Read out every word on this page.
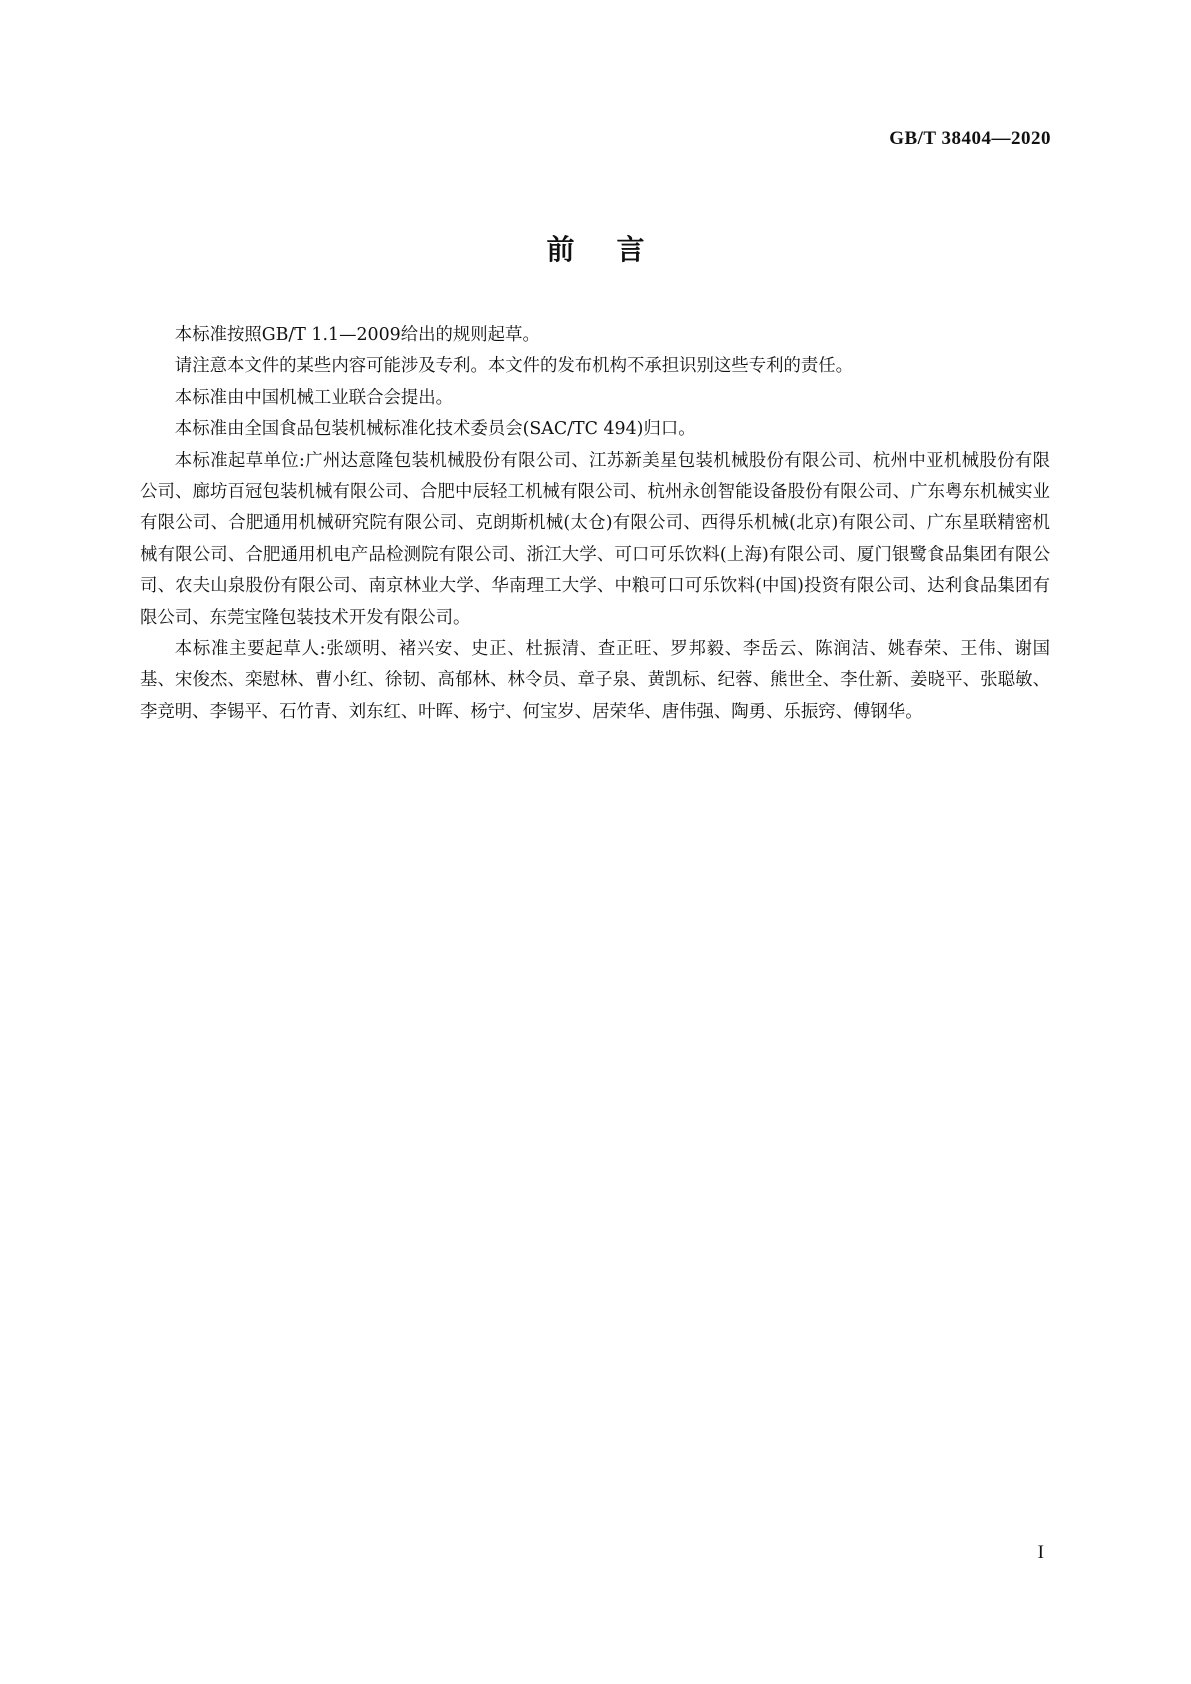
GB/T 38404—2020
前言

本标准按照GB/T 1.1—2009给出的规则起草。

请注意本文件的某些内容可能涉及专利。本文件的发布机构不承担识别这些专利的责任。

本标准由中国机械工业联合会提出。

本标准由全国食品包装机械标准化技术委员会(SAC/TC 494)归口。

本标准起草单位:广州达意隆包装机械股份有限公司、江苏新美星包装机械股份有限公司、杭州中亚机械股份有限公司、廊坊百冠包装机械有限公司、合肥中辰轻工机械有限公司、杭州永创智能设备股份有限公司、广东粤东机械实业有限公司、合肥通用机械研究院有限公司、克朗斯机械(太仓)有限公司、西得乐机械(北京)有限公司、广东星联精密机械有限公司、合肥通用机电产品检测院有限公司、浙江大学、可口可乐饮料(上海)有限公司、厦门银鹭食品集团有限公司、农夫山泉股份有限公司、南京林业大学、华南理工大学、中粮可口可乐饮料(中国)投资有限公司、达利食品集团有限公司、东莞宝隆包装技术开发有限公司。

本标准主要起草人:张颂明、褚兴安、史正、杜振清、查正旺、罗邦毅、李岳云、陈润洁、姚春荣、王伟、谢国基、宋俊杰、栾慰林、曹小红、徐韧、高郁林、林令员、章子泉、黄凯标、纪蓉、熊世全、李仕新、姜晓平、张聪敏、李竞明、李锡平、石竹青、刘东红、叶晖、杨宁、何宝岁、居荣华、唐伟强、陶勇、乐振窍、傅钢华。

I
